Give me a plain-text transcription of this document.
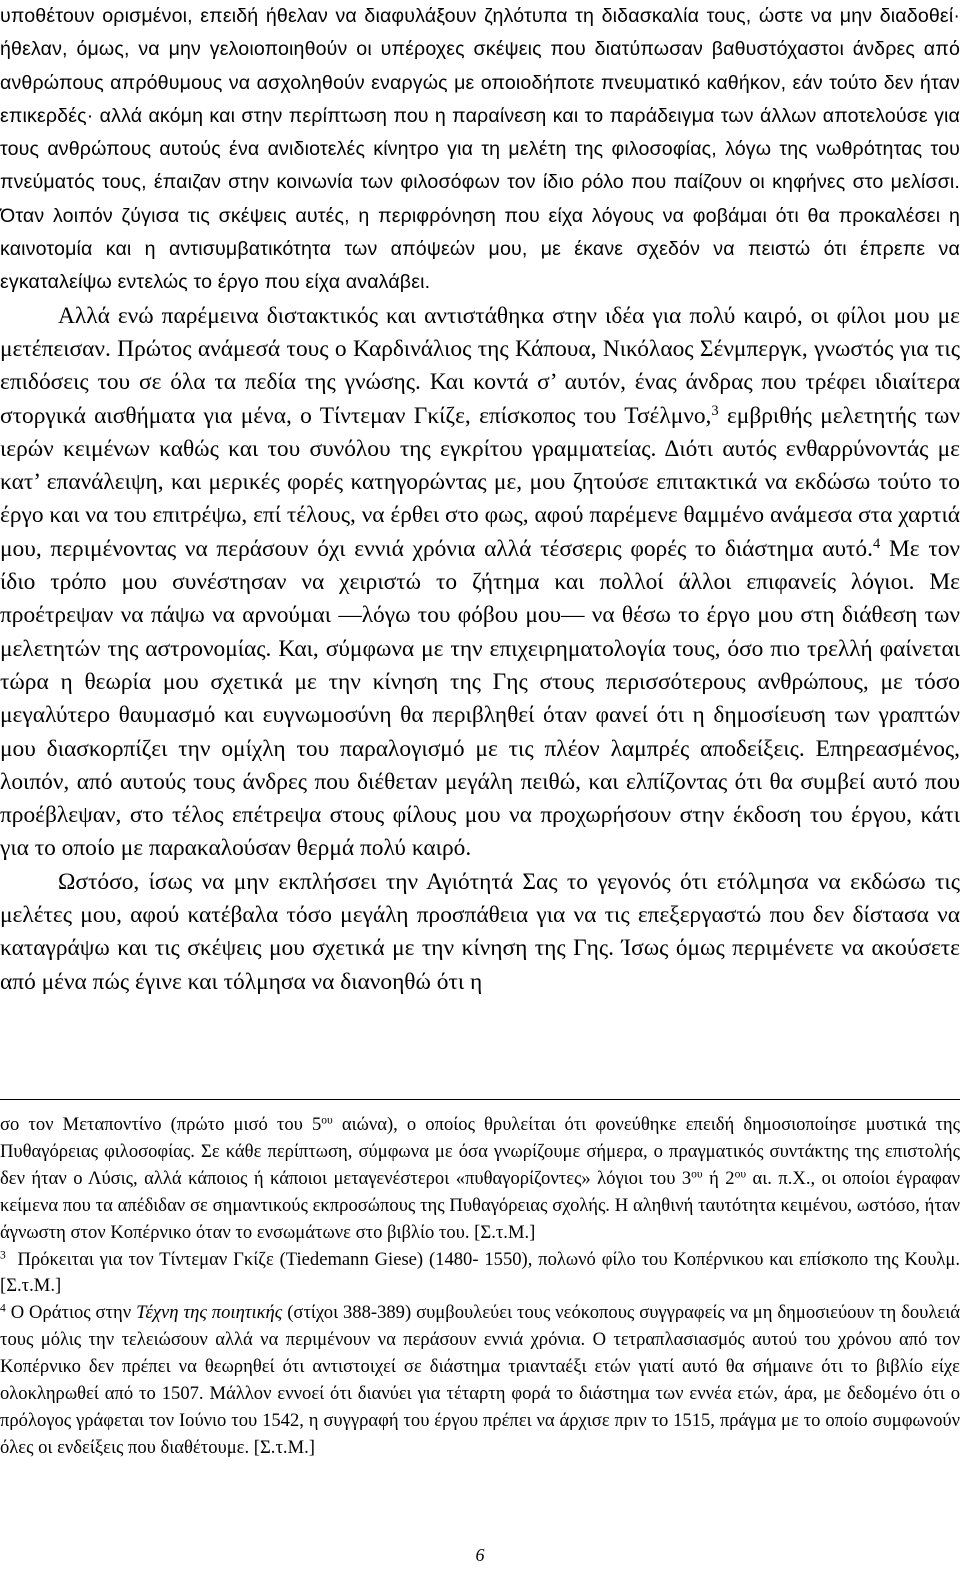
υποθέτουν ορισμένοι, επειδή ήθελαν να διαφυλάξουν ζηλότυπα τη διδασκαλία τους, ώστε να μην διαδοθεί· ήθελαν, όμως, να μην γελοιοποιηθούν οι υπέροχες σκέψεις που διατύπωσαν βαθυστόχαστοι άνδρες από ανθρώπους απρόθυμους να ασχοληθούν εναργώς με οποιοδήποτε πνευματικό καθήκον, εάν τούτο δεν ήταν επικερδές· αλλά ακόμη και στην περίπτωση που η παραίνεση και το παράδειγμα των άλλων αποτελούσε για τους ανθρώπους αυτούς ένα ανιδιοτελές κίνητρο για τη μελέτη της φιλοσοφίας, λόγω της νωθρότητας του πνεύματός τους, έπαιζαν στην κοινωνία των φιλοσόφων τον ίδιο ρόλο που παίζουν οι κηφήνες στο μελίσσι. Όταν λοιπόν ζύγισα τις σκέψεις αυτές, η περιφρόνηση που είχα λόγους να φοβάμαι ότι θα προκαλέσει η καινοτομία και η αντισυμβατικότητα των απόψεών μου, με έκανε σχεδόν να πειστώ ότι έπρεπε να εγκαταλείψω εντελώς το έργο που είχα αναλάβει.

Αλλά ενώ παρέμεινα διστακτικός και αντιστάθηκα στην ιδέα για πολύ καιρό, οι φίλοι μου με μετέπεισαν. Πρώτος ανάμεσά τους ο Καρδινάλιος της Κάπουα, Νικόλαος Σένμπεργκ, γνωστός για τις επιδόσεις του σε όλα τα πεδία της γνώσης. Και κοντά σ’ αυτόν, ένας άνδρας που τρέφει ιδιαίτερα στοργικά αισθήματα για μένα, ο Τίντεμαν Γκίζε, επίσκοπος του Τσέλμνο,$^3$ εμβριθής μελετητής των ιερών κειμένων καθώς και του συνόλου της εγκρίτου γραμματείας. Διότι αυτός ενθαρρύνοντάς με κατ’ επανάλειψη, και μερικές φορές κατηγορώντας με, μου ζητούσε επιτακτικά να εκδώσω τούτο το έργο και να του επιτρέψω, επί τέλους, να έρθει στο φως, αφού παρέμενε θαμμένο ανάμεσα στα χαρτιά μου, περιμένοντας να περάσουν όχι εννιά χρόνια αλλά τέσσερις φορές το διάστημα αυτό.$^4$ Με τον ίδιο τρόπο μου συνέστησαν να χειριστώ το ζήτημα και πολλοί άλλοι επιφανείς λόγιοι. Με προέτρεψαν να πάψω να αρνούμαι —λόγω του φόβου μου— να θέσω το έργο μου στη διάθεση των μελετητών της αστρονομίας. Και, σύμφωνα με την επιχειρηματολογία τους, όσο πιο τρελλή φαίνεται τώρα η θεωρία μου σχετικά με την κίνηση της Γης στους περισσότερους ανθρώπους, με τόσο μεγαλύτερο θαυμασμό και ευγνωμοσύνη θα περιβληθεί όταν φανεί ότι η δημοσίευση των γραπτών μου διασκορπίζει την ομίχλη του παραλογισμό με τις πλέον λαμπρές αποδείξεις. Επηρεασμένος, λοιπόν, από αυτούς τους άνδρες που διέθεταν μεγάλη πειθώ, και ελπίζοντας ότι θα συμβεί αυτό που προέβλεψαν, στο τέλος επέτρεψα στους φίλους μου να προχωρήσουν στην έκδοση του έργου, κάτι για το οποίο με παρακαλούσαν θερμά πολύ καιρό.

Ωστόσο, ίσως να μην εκπλήσσει την Αγιότητά Σας το γεγονός ότι ετόλμησα να εκδώσω τις μελέτες μου, αφού κατέβαλα τόσο μεγάλη προσπάθεια για να τις επεξεργαστώ που δεν δίστασα να καταγράψω και τις σκέψεις μου σχετικά με την κίνηση της Γης. Ίσως όμως περιμένετε να ακούσετε από μένα πώς έγινε και τόλμησα να διανοηθώ ότι η

σο τον Μεταποντίνο (πρώτο μισό του $5^{o\upsilon}$ αιώνα), ο οποίος θρυλείται ότι φονεύθηκε επειδή δημοσιοποίησε μυστικά της Πυθαγόρειας φιλοσοφίας. Σε κάθε περίπτωση, σύμφωνα με όσα γνωρίζουμε σήμερα, ο πραγματικός συντάκτης της επιστολής δεν ήταν ο Λύσις, αλλά κάποιος ή κάποιοι μεταγενέστεροι «πυθαγορίζοντες» λόγιοι του $3^{o\upsilon}$ ή $2^{o\upsilon}$ αι. π.Χ., οι οποίοι έγραφαν κείμενα που τα απέδιδαν σε σημαντικούς εκπροσώπους της Πυθαγόρειας σχολής. Η αληθινή ταυτότητα κειμένου, ωστόσο, ήταν άγνωστη στον Κοπέρνικο όταν το ενσωμάτωνε στο βιβλίο του. [Σ.τ.Μ.]

$^3$ Πρόκειται για τον Τίντεμαν Γκίζε (Tiedemann Giese) (1480- 1550), πολωνό φίλο του Κοπέρνικου και επίσκοπο της Κουλμ. [Σ.τ.Μ.]

$^4$ Ο Οράτιος στην Τέχνη της ποιητικής (στίχοι 388-389) συμβουλεύει τους νεόκοπους συγγραφείς να μη δημοσιεύουν τη δουλειά τους μόλις την τελειώσουν αλλά να περιμένουν να περάσουν εννιά χρόνια. Ο τετραπλασιασμός αυτού του χρόνου από τον Κοπέρνικο δεν πρέπει να θεωρηθεί ότι αντιστοιχεί σε διάστημα τριανταέξι ετών γιατί αυτό θα σήμαινε ότι το βιβλίο είχε ολοκληρωθεί από το 1507. Μάλλον εννοεί ότι διανύει για τέταρτη φορά το διάστημα των εννέα ετών, άρα, με δεδομένο ότι ο πρόλογος γράφεται τον Ιούνιο του 1542, η συγγραφή του έργου πρέπει να άρχισε πριν το 1515, πράγμα με το οποίο συμφωνούν όλες οι ενδείξεις που διαθέτουμε. [Σ.τ.Μ.]

6
